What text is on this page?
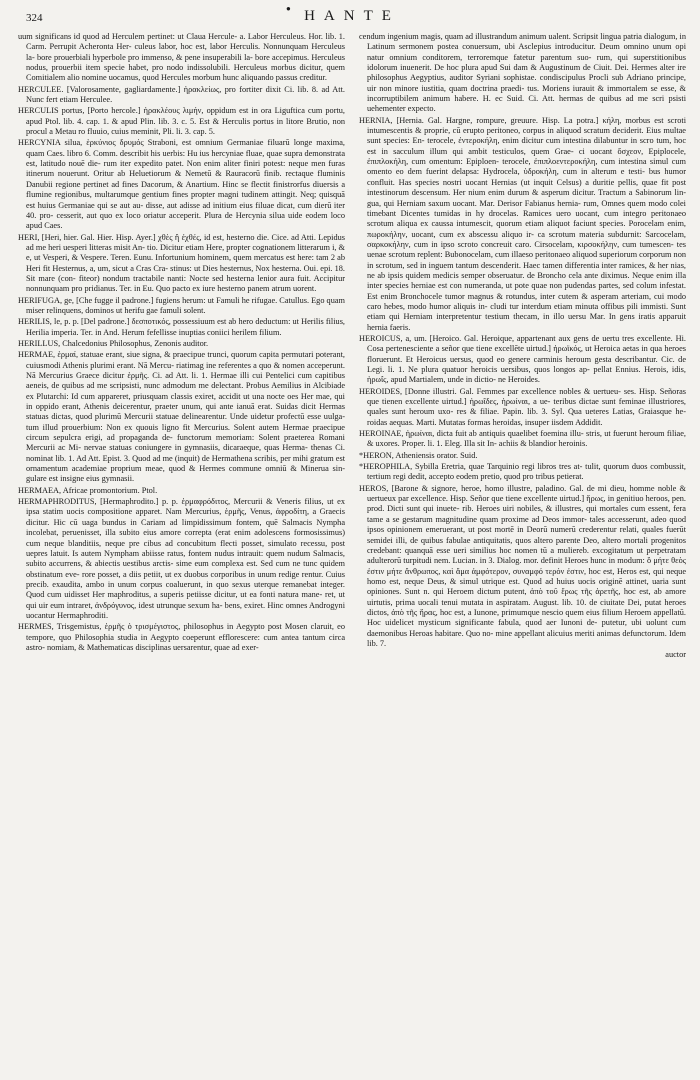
324
● HANTE

uum significans id quod ad Herculem pertinet: ut Claua Hercule- a. Labor Herculeus. Hor. lib. 1. Carm. Perrupit Acheronta Her- culeus labor, hoc est, labor Herculis. Nonnunquam Herculeus la- bore prouerbiali hyperbole pro immenso, & pene insuperabili la- bore accepimus. Herculeus nodus, prouerbii item specie habet, pro nodo indissolubili. Herculeus morbus dicitur, quem Comitialem alio nomine uocamus, quod Hercules morbum hunc aliquando passus creditur.

HERCULEE. [Valorosamente, gagliardamente.] ἡρακλείως, pro fortiter dixit Ci. lib. 8. ad Att. Nunc fert etiam Herculee.

HERCULIS portus, [Porto hercole.] ἡρακλέους λιμήν, oppidum est in ora Liguftica cum portu, apud Ptol. lib. 4. cap. 1. & apud Plin. lib. 3. c. 5. Est & Herculis portus in litore Brutio, non procul a Metau ro fluuio, cuius meminit, Pli. li. 3. cap. 5.

HERCYNIA silua, ἑρκύνιος δρυμός Straboni, est omnium Germaniae filuarū longe maxima, quam Caes. libro 6. Comm. describit his uerbis: Hu ius hercyniae fluae, quae supra demonstrata est, latitudo nouē die- rum iter expedito patet. Non enim aliter finiri potest: neque men furas itinerum nouerunt. Oritur ab Heluetiorum & Nemetū & Rauracorū finib. rectaque fluminis Danubii regione pertinet ad fines Dacorum, & Anartium. Hinc se flectit finistrorfus diuersis a flumine regionibus, multarumque gentium fines propter magni tudinem attingit. Neq; quisquā est huius Germaniae qui se aut au- disse, aut adisse ad initium eius filuae dicat, cum dierū iter 40. pro- cesserit, aut quo ex loco oriatur acceperit. Plura de Hercynia silua uide eodem loco apud Caes.

HERI, [Heri, hier. Gal. Hier. Hisp. Ayer.] χθὲς ἢ ἐχθές, id est, hesterno die. Cice. ad Atti. Lepidus ad me heri uesperi litteras misit An- tio. Dicitur etiam Here, propter cognationem litterarum i, & e, ut Vesperi, & Vespere. Teren. Eunu. Infortunium hominem, quem mercatus est here: tam 2 ab Heri fit Hesternus, a, um, sicut a Cras Cra- stinus: ut Dies hesternus, Nox hesterna. Oui. epi. 18. Sit mare (con- fiteor) nondum tractabile nanti: Nocte sed hesterna lenior aura fuit. Accipitur nonnunquam pro pridianus. Ter. in Eu. Quo pacto ex iure hesterno panem atrum uorent.

HERIFUGA, ge, [Che fugge il padrone.] fugiens herum: ut Famuli he rifugae. Catullus. Ego quam miser relinquens, dominos ut herifu gae famuli solent.

HERILIS, le, p. p. [Del padrone.] δεσποτικός, possessiuum est ab hero deductum: ut Herilis filius, Herilia imperia. Ter. in And. Herum fefellisse inuptias coniici herilem filium.

HERILLUS, Chalcedonius Philosophus, Zenonis auditor.

HERMAE, ἑρμαί, statuae erant, siue signa, & praecipue trunci, quorum capita permutari poterant, cuiusmodi Athenis plurimi erant. Nā Mercu- riatimag ine referentes a quo & nomen acceperunt. Nā Mercurius Graece dicitur ἑρμῆς. Ci. ad Att. li. 1. Hermae illi cui Pentelici cum capitibus aeneis, de quibus ad me scripsisti, nunc admodum me delectant. Probus Aemilius in Alcibiade ex Plutarchi: Id cum appareret, priusquam classis exiret, accidit ut una nocte oes Her mae, qui in oppido erant, Athenis deicerentur, praeter unum, qui ante ianuā erat. Suidas dicit Hermas statuas dictas, quod plurimū Mercurii statuae delinearentur. Unde uidetur profectū esse uulga- tum illud prouerbium: Non ex quouis ligno fit Mercurius. Solent autem Hermae praecipue circum sepulcra erigi, ad propaganda de- functorum memoriam: Solent praeterea Romani Mercurii ac Mi- nervae statuas coniungere in gymnasiis, dicaraeque, quas Herma- thenas Ci. nominat lib. 1. Ad Att. Epist. 3. Quod ad me (inquit) de Hermathena scribis, per mihi gratum est ornamentum academiae proprium meae, quod & Hermes commune omniū & Minerua sin- gulare est insigne eius gymnasii.

HERMAEA, Africae promontorium. Ptol.

HERMAPHRODITUS, [Hermaphrodito.] p. p. ἑρμαφρόδιτος, Mercurii & Veneris filius, ut ex ipsa statim uocis compositione apparet. Nam Mercurius, ἑρμῆς, Venus, ἀφροδίτη, a Graecis dicitur. Hic cū uaga bundus in Cariam ad limpidissimum fontem, quē Salmacis Nympha incolebat, peruenisset, illa subito eius amore correpta (erat enim adolescens formosissimus) cum neque blanditiis, neque pre cibus ad concubitum flecti posset, simulato recessu, post uepres latuit. Is autem Nympham abiisse ratus, fontem nudus intrauit: quem nudum Salmacis, subito accurrens, & abiectis uestibus arctis- sime eum complexa est. Sed cum ne tunc quidem obstinatum eve- rore posset, a diis petiit, ut ex duobus corporibus in unum redige rentur. Cuius precib. exaudita, ambo in unum corpus coaluerunt, in quo sexus uterque remanebat integer. Quod cum uidisset Her maphroditus, a superis petiisse dicitur, ut ea fonti natura mane- ret, ut qui uir eum intraret, ἀνδρόγυνος, idest utrunque sexum ha- bens, exiret. Hinc omnes Androgyni uocantur Hermaphroditi.

HERMES, Trisgemistus, ἑρμῆς ὁ τρισμέγιστος, philosophus in Aegypto post Mosen claruit, eo tempore, quo Philosophia studia in Aegypto coeperunt efflorescere: cum antea tantum circa astro- nomiam, & Mathematicas disciplinas uersarentur, quae ad exer-

cendum ingenium magis, quam ad illustrandum animum ualent. Scripsit lingua patria dialogum, in Latinum sermonem postea conuersum, ubi Asclepius introducitur. Deum omnino unum opi natur omnium conditorem, terroremque fatetur parentum suo- rum, qui superstitionibus idolorum inuenerit. De hoc plura apud Sui dam & Augustinum de Ciuit. Dei. Hermes alter ire philosophus Aegyptius, auditor Syriani sophistae. condiscipulus Procli sub Adriano principe, uir non minore iustitia, quam doctrina praedi- tus. Moriens iurauit & immortalem se esse, & incorruptibilem animum habere. H. ec Suid. Ci. Att. hermas de quibus ad me scri psisti uehementer expecto.

HERNIA, [Hernia. Gal. Hargne, rompure, greuure. Hisp. La potra.] κήλη, morbus est scroti intumescentis & proprie, cū erupto peritoneo, corpus in aliquod scratum deciderit. Eius multae sunt species: En- terocele, ἐντεροκήλη, enim dicitur cum intestina dilabuntur in scro tum, hoc est in sacculum illum qui ambit testiculos, quem Grae- ci uocant ὄσχεον, Epiplocele, ἐπιπλοκήλη, cum omentum: Epiploen- terocele, ἐπιπλοεντεροκήλη, cum intestina simul cum omento eo dem fuerint delapsa: Hydrocela, ὑδροκήλη, cum in alterum e testi- bus humor confluit. Has species nostri uocant Hernias (ut inquit Celsus) a duritie pellis, quae fit post intestinorum descensum. Her nium enim durum & asperum dicitur. Tractum a Sabinorum lin- gua, qui Herniam saxum uocant. Mar. Derisor Fabianus hernia- rum, Omnes quem modo colei timebant Dicentes tumidas in hy drocelas. Ramices uero uocant, cum integro peritonaeo scrotum aliqua ex caussa intumescit, quorum etiam aliquot faciunt species. Porocelam enim, πωροκήλην, uocant, cum ex abscessu aliquo ir- ca scrotum materia subdurnit: Sarcocelam, σαρκοκήλην, cum in ipso scroto concreuit caro. Cirsocelam, κιρσοκήλην, cum tumescen- tes uenae scrotum replent: Bubonocelam, cum illaeso peritonaeo aliquod superiorum corporum non in scrotum, sed in inguem tantum descenderit. Haec tamen differentia inter ramices, & her nias, ne ab ipsis quidem medicis semper obseruatur. de Broncho cela ante diximus. Neque enim illa inter species herniae est con numeranda, ut pote quae non pudendas partes, sed colum infestat. Est enim Bronchocele tumor magnus & rotundus, inter cutem & asperam arteriam, cui modo caro hebes, modo humor aliquis in- cludi tur interdum etiam minuta offibus pili immisti. Sunt etiam qui Herniam interpretentur testium thecam, in illo uersu Mar. In gens iratis apparuit hernia faeris.

HEROICUS, a, um. [Heroico. Gal. Heroique, appartenant aux gens de uertu tres excellente. Hi. Cosa pertenesciente a señor que tiene excellēte uirtud.] ἡρωϊκός, ut Heroica aetas in qua heroes floruerunt. Et Heroicus uersus, quod eo genere carminis heroum gesta describantur. Cic. de Legi. li. 1. Ne plura quatuor heroicis uersibus, quos longos ap- pellat Ennius. Herois, idis, ἡρωΐς, apud Martialem, unde in dictio- ne Heroides.

HEROIDES, [Donne illustri. Gal. Femmes par excellence nobles & uertueu- ses. Hisp. Señoras que tienen excellente uirtud.] ἡρωΐδες, ἡρωίναι, a ue- teribus dictae sunt feminae illustriores, quales sunt heroum uxo- res & filiae. Papin. lib. 3. Syl. Qua ueteres Latias, Graiasque he- roidas aequas. Marti. Mutatas formas heroidas, insuper iisdem Addidit.

HEROINAE, ἡρωίναι, dicta fuit ab antiquis quaelibet foemina illu- stris, ut fuerunt heroum filiae, & uxores. Proper. li. 1. Eleg. Illa sit In- achiis & blandior heroinis.

*HERON, Atheniensis orator. Suid.

*HEROPHILA, Sybilla Eretria, quae Tarquinio regi libros tres at- tulit, quorum duos combussit, tertium regi dedit, accepto eodem pretio, quod pro tribus petierat.

HEROS, [Barone & signore, heroe, homo illustre, paladino. Gal. de mi dieu, homme noble & uertueux par excellence. Hisp. Señor que tiene excellente uirtud.] ἥρως, in genitiuo heroos, pen. prod. Dicti sunt qui inuete- rib. Heroes uiri nobiles, & illustres, qui mortales cum essent, fera tame a se gestarum magnitudine quam proxime ad Deos immor- tales accesserunt, adeo quod ipsos opinionem emeruerant, ut post mortē in Deorū numerū crederentur relati, quales fuerūt semidei illi, de quibus fabulae antiquitatis, quos altero parente Deo, altero mortali progenitos credebant: quanquā esse ueri similius hoc nomen tū a muliereb. excogitatum ut perpetratam adulterorū turpitudi nem. Lucian. in 3. Dialog. mor. definit Heroes hunc in modum: ὃ μήτε θεὸς ἐστιν μήτε ἄνθρωπος, καὶ ἅμα ἀμφότερον, συναμφό τερόν ἐστιν, hoc est, Heros est, qui neque homo est, neque Deus, & simul utrique est. Quod ad huius uocis originē attinet, uaria sunt opiniones. Sunt n. qui Heroem dictum putent, ἀπὸ τοῦ ἔρως τῆς ἀρετῆς, hoc est, ab amore uirtutis, prima uocali tenui mutata in aspiratam. August. lib. 10. de ciuitate Dei, putat heroes dictos, ἀπὸ τῆς ἥρας, hoc est, a Iunone, primumque nescio quem eius filium Heroem appellatū. Hoc uidelicet mysticum significante fabula, quod aer Iunoni de- putetur, ubi uolunt cum daemonibus Heroas habitare. Quo no- mine appellant alicuius meriti animas defunctorum. Idem lib. 7.

auctor
